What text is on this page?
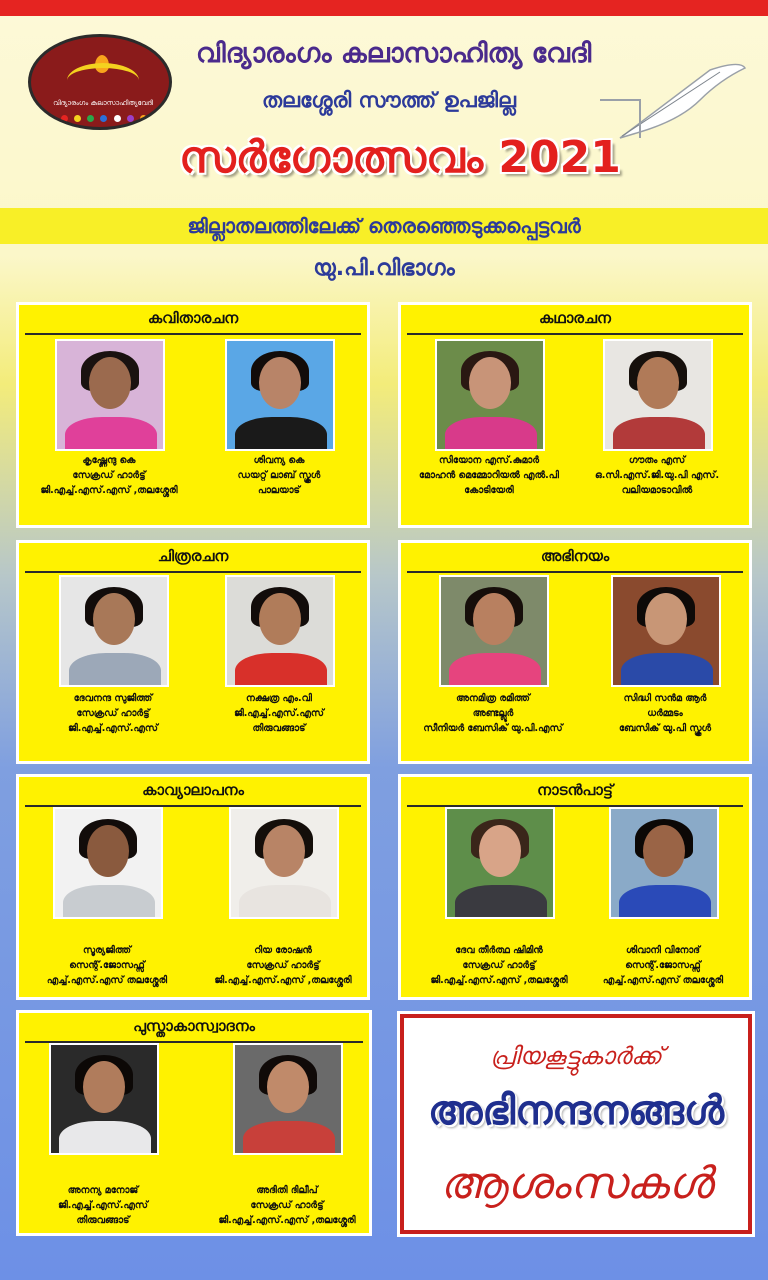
വിദ്യാരംഗം കലാസാഹിത്യവേദി
വിദ്യാരംഗം കലാസാഹിത്യ വേദി
തലശ്ശേരി സൗത്ത് ഉപജില്ല
സർഗോത്സവം 2021
ജില്ലാതലത്തിലേക്ക് തെരഞ്ഞെടുക്കപ്പെട്ടവർ
യു.പി.വിഭാഗം
കവിതാരചന
കൃഷ്ണേന്ദു കെ
സേക്രഡ് ഹാർട്ട്
ജി.എച്ച്.എസ്.എസ് ,തലശ്ശേരി
ശിവന്യ കെ
ഡയറ്റ് ലാബ് സ്കൂൾ
പാലയാട്
കഥാരചന
സിയോന എസ്.കുമാർ
മോഹൻ മെമ്മോറിയൽ എൽ.പി
കോടിയേരി
ഗൗതം എസ്
ഒ.സി.എസ്.ജി.യു.പി എസ്.
വലിയമാടാവിൽ
ചിത്രരചന
ദേവനന്ദ സുജിത്ത്
സേക്രഡ് ഹാർട്ട്
ജി.എച്ച്.എസ്.എസ്
നക്ഷത്ര എം.വി
ജി.എച്ച്.എസ്.എസ്
തിരുവങ്ങാട്
അഭിനയം
അനമിത്ര രമിത്ത്
അണ്ടല്ലൂർ
സീനിയർ ബേസിക് യു.പി.എസ്
സിദ്ധി സൻമ ആർ
ധർമ്മടം
ബേസിക് യു.പി സ്കൂൾ
കാവ്യാലാപനം
സൂര്യജിത്ത്
സെന്റ്.ജോസഫ്സ്
എച്ച്.എസ്.എസ് തലശ്ശേരി
റിയ രോഷൻ
സേക്രഡ് ഹാർട്ട്
ജി.എച്ച്.എസ്.എസ് ,തലശ്ശേരി
നാടൻപാട്ട്
ദേവ തീർത്ഥ ഷിമിൻ
സേക്രഡ് ഹാർട്ട്
ജി.എച്ച്.എസ്.എസ് ,തലശ്ശേരി
ശിവാനി വിനോദ്
സെന്റ്.ജോസഫ്സ്
എച്ച്.എസ്.എസ് തലശ്ശേരി
പുസ്താകാസ്വാദനം
അനന്യ മനോജ്
ജി.എച്ച്.എസ്.എസ്
തിരുവങ്ങാട്
അദിതി ദിലീപ്
സേക്രഡ് ഹാർട്ട്
ജി.എച്ച്.എസ്.എസ് ,തലശ്ശേരി
പ്രിയകൂട്ടുകാർക്ക്
അഭിനന്ദനങ്ങൾ
ആശംസകൾ
